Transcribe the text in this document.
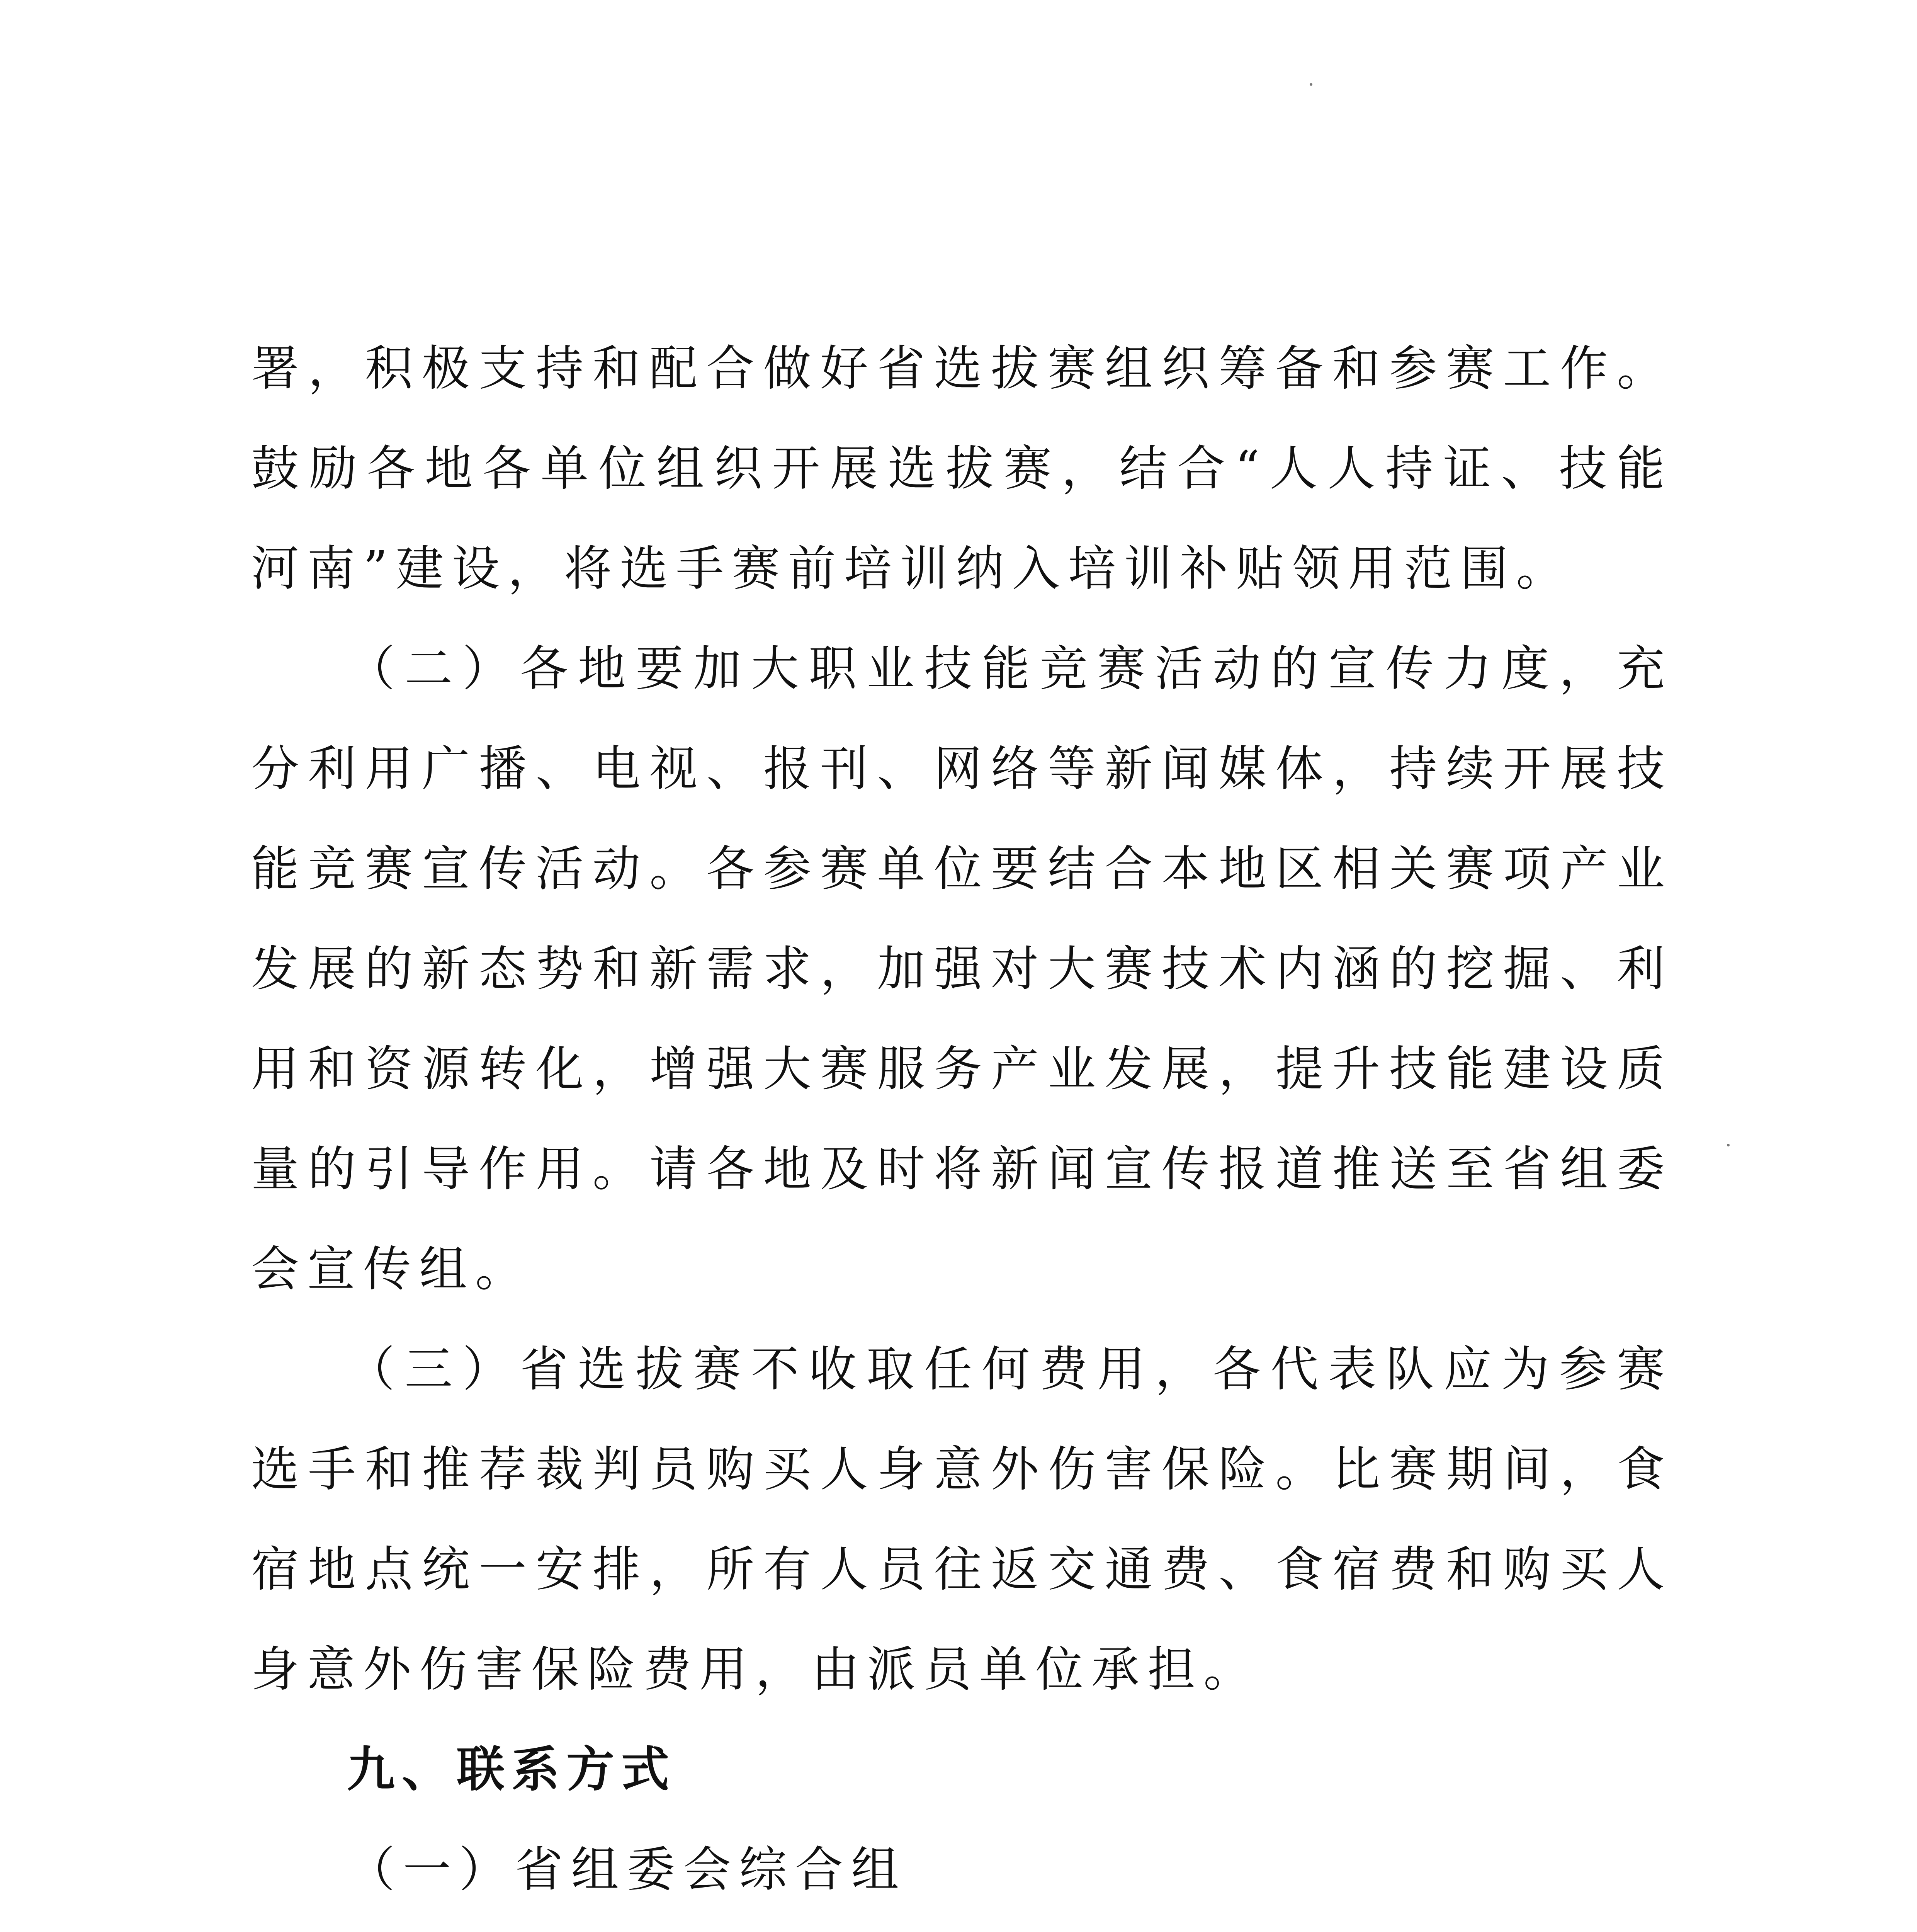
署，积极支持和配合做好省选拔赛组织筹备和参赛工作。鼓励各地各单位组织开展选拔赛，结合“人人持证、技能河南”建设，将选手赛前培训纳入培训补贴领用范围。

（二）各地要加大职业技能竞赛活动的宣传力度，充分利用广播、电视、报刊、网络等新闻媒体，持续开展技能竞赛宣传活动。各参赛单位要结合本地区相关赛项产业发展的新态势和新需求，加强对大赛技术内涵的挖掘、利用和资源转化，增强大赛服务产业发展，提升技能建设质量的引导作用。请各地及时将新闻宣传报道推送至省组委会宣传组。

（三）省选拔赛不收取任何费用，各代表队应为参赛选手和推荐裁判员购买人身意外伤害保险。比赛期间，食宿地点统一安排，所有人员往返交通费、食宿费和购买人身意外伤害保险费用，由派员单位承担。

九、联系方式

（一）省组委会综合组
